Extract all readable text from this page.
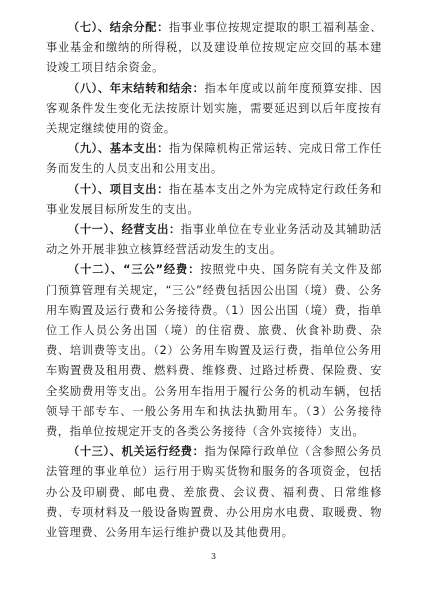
（七）、结余分配：指事业事位按规定提取的职工福利基金、事业基金和缴纳的所得税，以及建设单位按规定应交回的基本建设竣工项目结余资金。

（八）、年末结转和结余：指本年度或以前年度预算安排、因客观条件发生变化无法按原计划实施，需要延迟到以后年度按有关规定继续使用的资金。

（九）、基本支出：指为保障机构正常运转、完成日常工作任务而发生的人员支出和公用支出。

（十）、项目支出：指在基本支出之外为完成特定行政任务和事业发展目标所发生的支出。

（十一）、经营支出：指事业单位在专业业务活动及其辅助活动之外开展非独立核算经营活动发生的支出。

（十二）、“三公”经费：按照党中央、国务院有关文件及部门预算管理有关规定，“三公”经费包括因公出国（境）费、公务用车购置及运行费和公务接待费。（1）因公出国（境）费，指单位工作人员公务出国（境）的住宿费、旅费、伙食补助费、杂费、培训费等支出。（2）公务用车购置及运行费，指单位公务用车购置费及租用费、燃料费、维修费、过路过桥费、保险费、安全奖励费用等支出。公务用车指用于履行公务的机动车辆，包括领导干部专车、一般公务用车和执法执勤用车。（3）公务接待费，指单位按规定开支的各类公务接待（含外宾接待）支出。

（十三）、机关运行经费：指为保障行政单位（含参照公务员法管理的事业单位）运行用于购买货物和服务的各项资金，包括办公及印刷费、邮电费、差旅费、会议费、福利费、日常维修费、专项材料及一般设备购置费、办公用房水电费、取暖费、物业管理费、公务用车运行维护费以及其他费用。

3
